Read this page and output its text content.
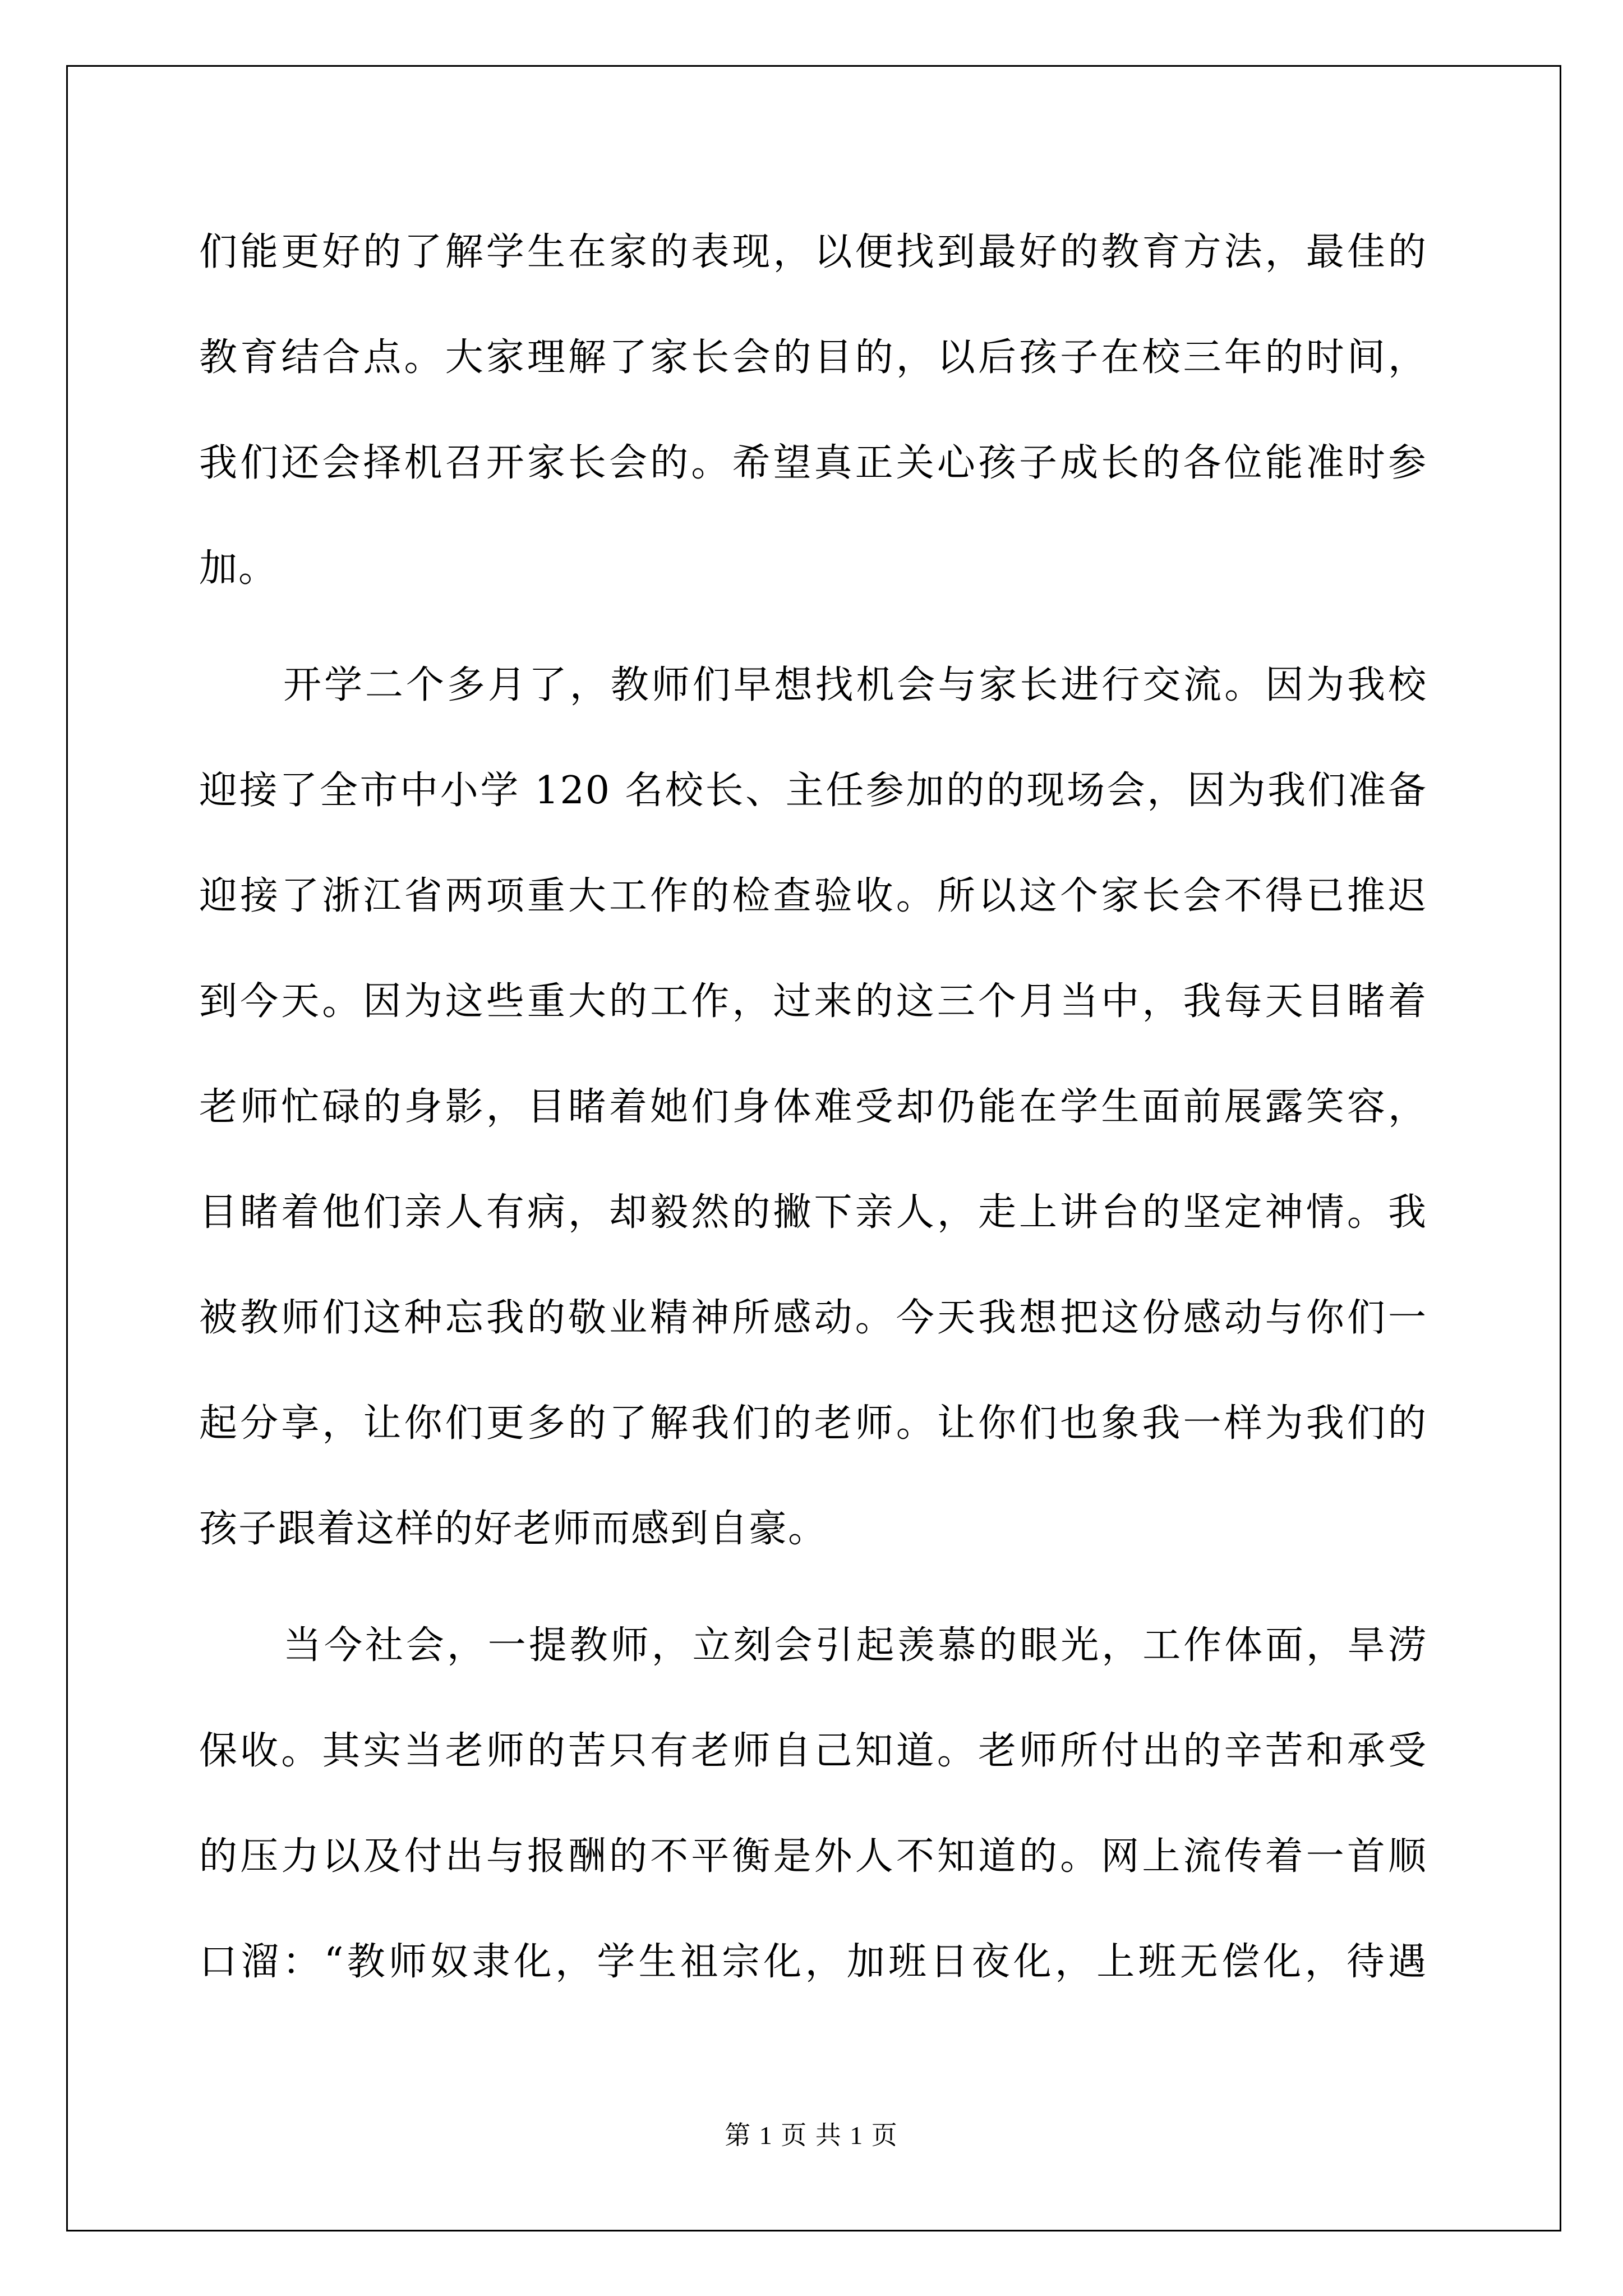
们能更好的了解学生在家的表现，以便找到最好的教育方法，最佳的
教育结合点。大家理解了家长会的目的，以后孩子在校三年的时间，
我们还会择机召开家长会的。希望真正关心孩子成长的各位能准时参
加。
开学二个多月了，教师们早想找机会与家长进行交流。因为我校
迎接了全市中小学 120 名校长、主任参加的的现场会，因为我们准备
迎接了浙江省两项重大工作的检查验收。所以这个家长会不得已推迟
到今天。因为这些重大的工作，过来的这三个月当中，我每天目睹着
老师忙碌的身影，目睹着她们身体难受却仍能在学生面前展露笑容，
目睹着他们亲人有病，却毅然的撇下亲人，走上讲台的坚定神情。我
被教师们这种忘我的敬业精神所感动。今天我想把这份感动与你们一
起分享，让你们更多的了解我们的老师。让你们也象我一样为我们的
孩子跟着这样的好老师而感到自豪。
当今社会，一提教师，立刻会引起羡慕的眼光，工作体面，旱涝
保收。其实当老师的苦只有老师自己知道。老师所付出的辛苦和承受
的压力以及付出与报酬的不平衡是外人不知道的。网上流传着一首顺
口溜：“教师奴隶化，学生祖宗化，加班日夜化，上班无偿化，待遇
第 1 页 共 1 页
